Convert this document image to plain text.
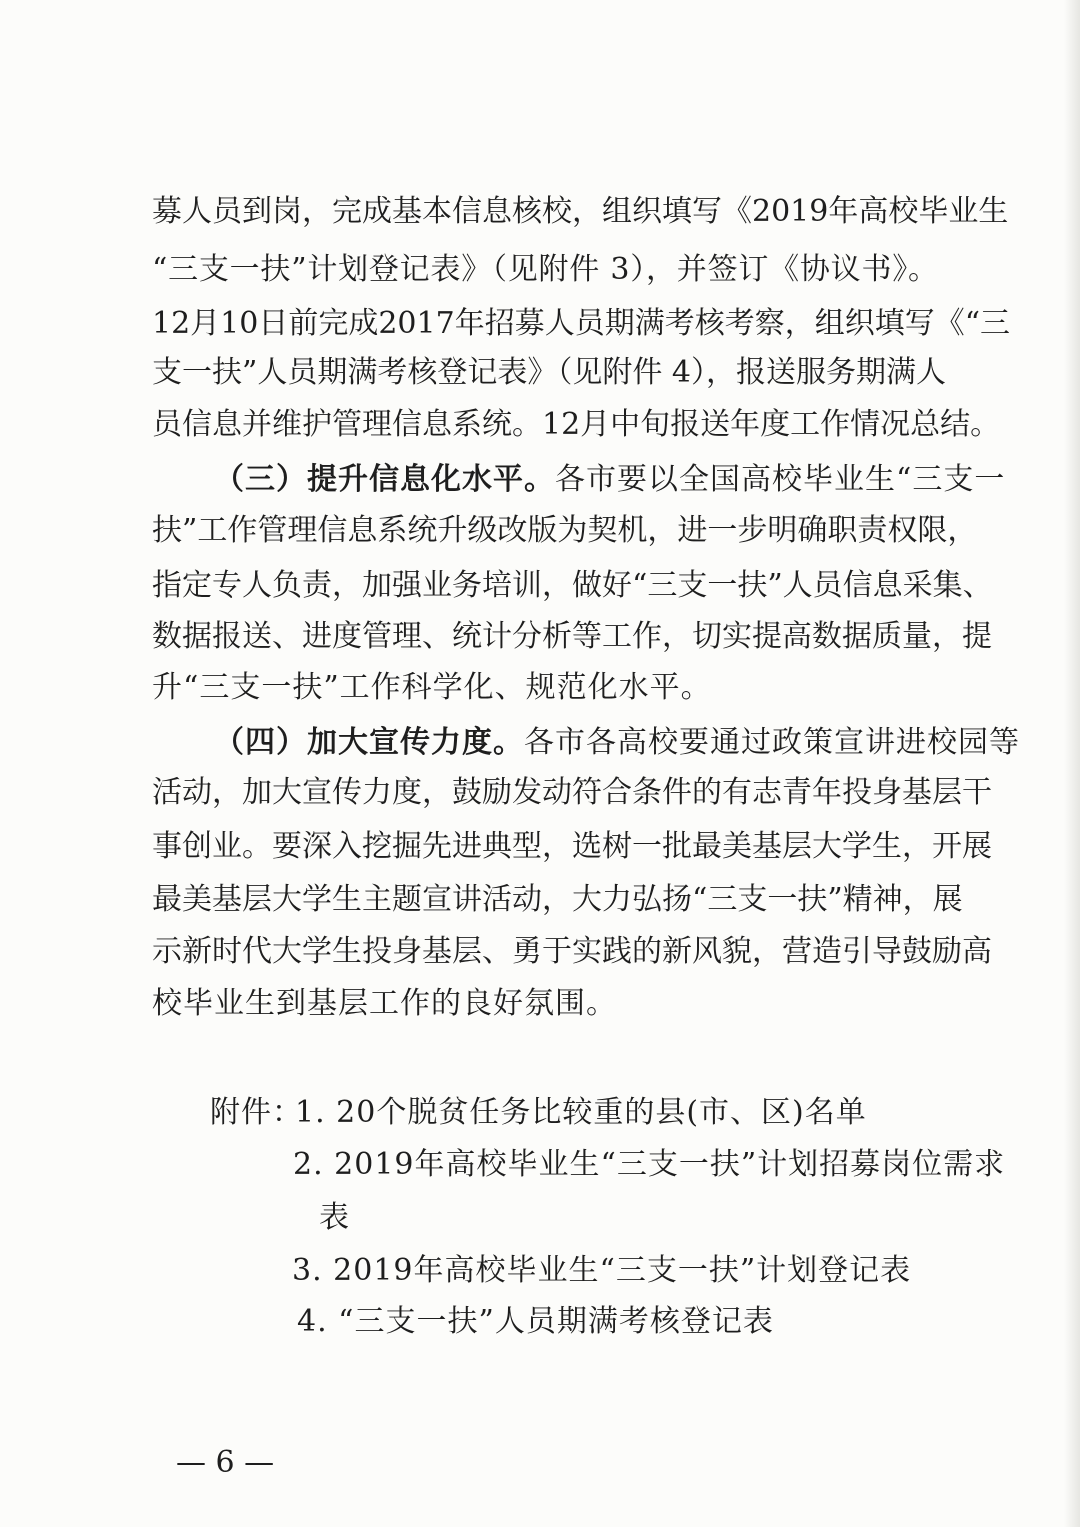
募人员到岗，完成基本信息核校，组织填写《2019年高校毕业生
“三支一扶”计划登记表》（见附件 3），并签订《协议书》。
12月10日前完成2017年招募人员期满考核考察，组织填写《“三
支一扶”人员期满考核登记表》（见附件 4），报送服务期满人
员信息并维护管理信息系统。12月中旬报送年度工作情况总结。
（三）提升信息化水平。 各市要以全国高校毕业生“三支一
扶”工作管理信息系统升级改版为契机，进一步明确职责权限，
指定专人负责，加强业务培训，做好“三支一扶”人员信息采集、
数据报送、进度管理、统计分析等工作，切实提高数据质量，提
升“三支一扶”工作科学化、规范化水平。
（四）加大宣传力度。 各市各高校要通过政策宣讲进校园等
活动，加大宣传力度，鼓励发动符合条件的有志青年投身基层干
事创业。要深入挖掘先进典型，选树一批最美基层大学生，开展
最美基层大学生主题宣讲活动，大力弘扬“三支一扶”精神，展
示新时代大学生投身基层、勇于实践的新风貌，营造引导鼓励高
校毕业生到基层工作的良好氛围。
附件：
1. 20个脱贫任务比较重的县(市、区)名单
2. 2019年高校毕业生“三支一扶”计划招募岗位需求
表
3. 2019年高校毕业生“三支一扶”计划登记表
4. “三支一扶”人员期满考核登记表
— 6 —
